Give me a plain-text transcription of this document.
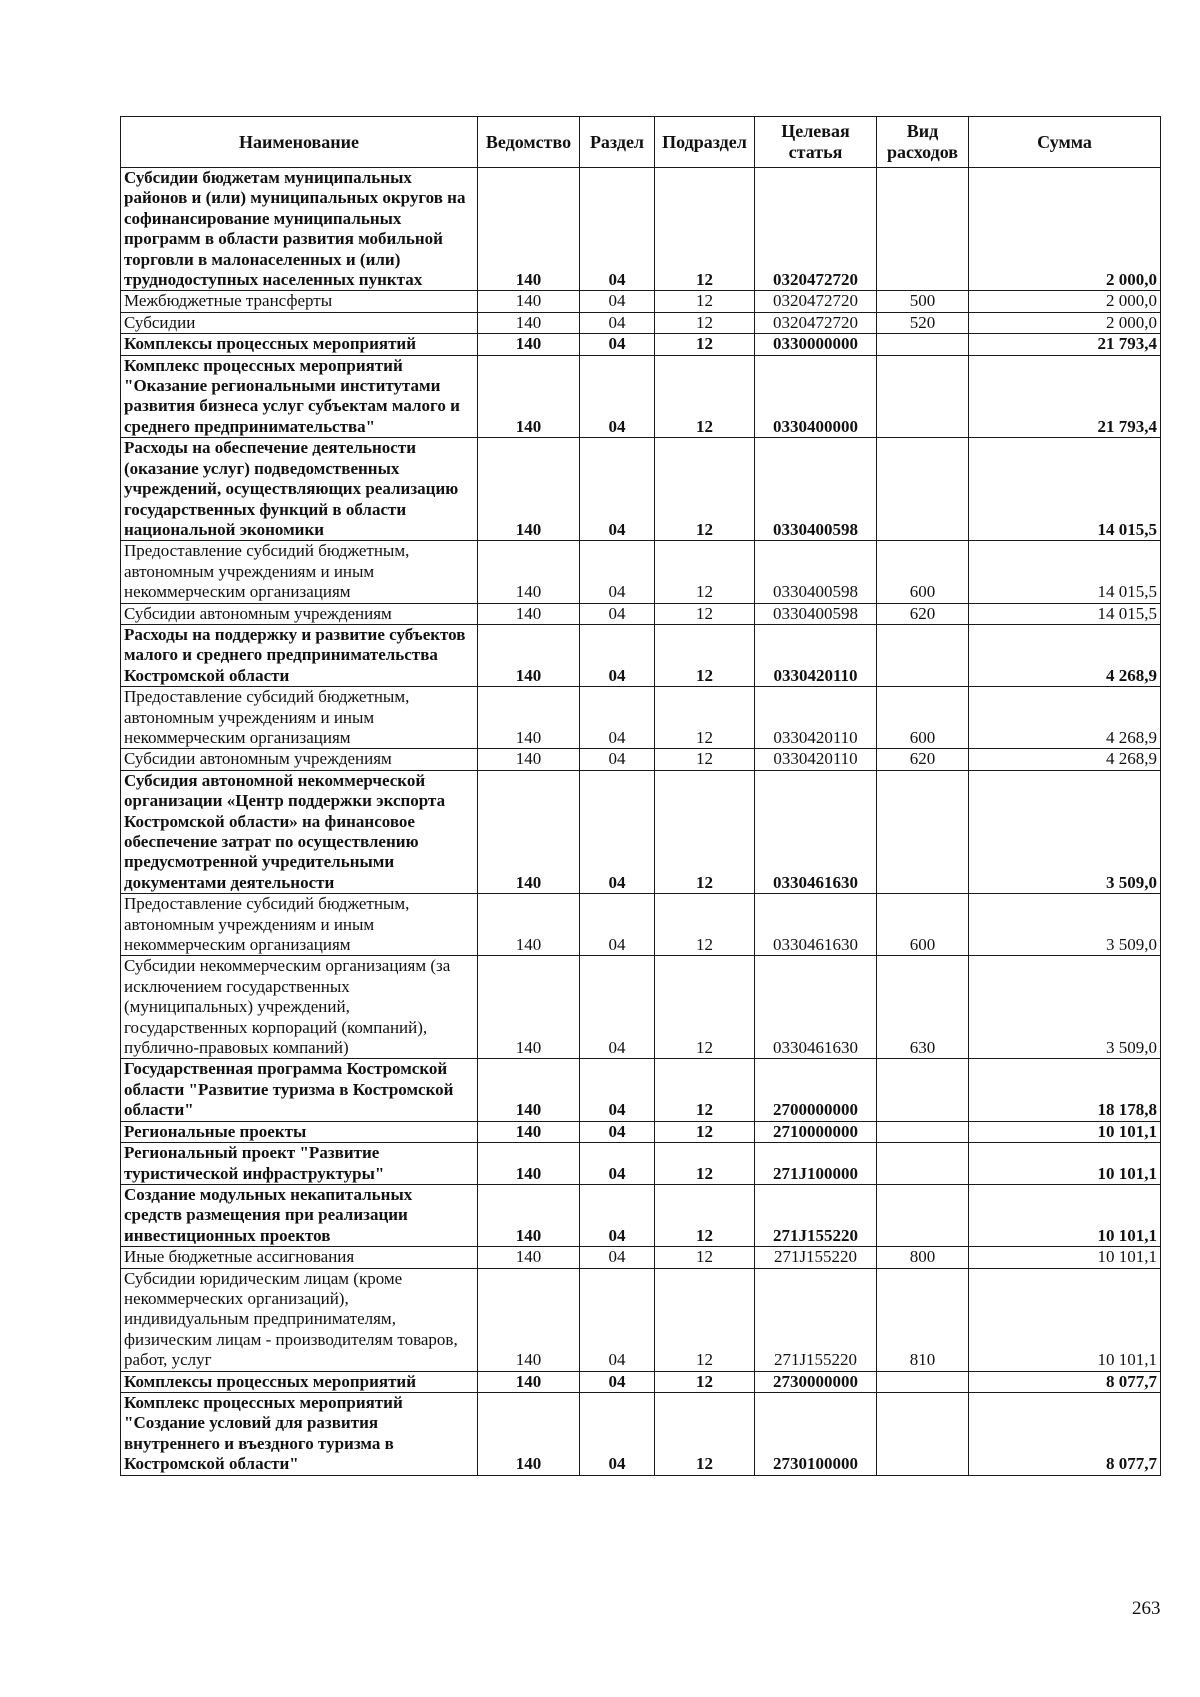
Наименование	Ведомство	Раздел	Подраздел	Целевая статья	Вид расходов	Сумма
Субсидии бюджетам муниципальных районов и (или) муниципальных округов на софинансирование муниципальных программ в области развития мобильной торговли в малонаселенных и (или) труднодоступных населенных пунктах	140	04	12	0320472720		2 000,0
Межбюджетные трансферты	140	04	12	0320472720	500	2 000,0
Субсидии	140	04	12	0320472720	520	2 000,0
Комплексы процессных мероприятий	140	04	12	0330000000		21 793,4
Комплекс процессных мероприятий "Оказание региональными институтами развития бизнеса услуг субъектам малого и среднего предпринимательства"	140	04	12	0330400000		21 793,4
Расходы на обеспечение деятельности (оказание услуг) подведомственных учреждений, осуществляющих реализацию государственных функций в области национальной экономики	140	04	12	0330400598		14 015,5
Предоставление субсидий бюджетным, автономным учреждениям и иным некоммерческим организациям	140	04	12	0330400598	600	14 015,5
Субсидии автономным учреждениям	140	04	12	0330400598	620	14 015,5
Расходы на поддержку и развитие субъектов малого и среднего предпринимательства Костромской области	140	04	12	0330420110		4 268,9
Предоставление субсидий бюджетным, автономным учреждениям и иным некоммерческим организациям	140	04	12	0330420110	600	4 268,9
Субсидии автономным учреждениям	140	04	12	0330420110	620	4 268,9
Субсидия автономной некоммерческой организации «Центр поддержки экспорта Костромской области» на финансовое обеспечение затрат по осуществлению предусмотренной учредительными документами деятельности	140	04	12	0330461630		3 509,0
Предоставление субсидий бюджетным, автономным учреждениям и иным некоммерческим организациям	140	04	12	0330461630	600	3 509,0
Субсидии некоммерческим организациям (за исключением государственных (муниципальных) учреждений, государственных корпораций (компаний), публично-правовых компаний)	140	04	12	0330461630	630	3 509,0
Государственная программа Костромской области "Развитие туризма в Костромской области"	140	04	12	2700000000		18 178,8
Региональные проекты	140	04	12	2710000000		10 101,1
Региональный проект "Развитие туристической инфраструктуры"	140	04	12	271J100000		10 101,1
Создание модульных некапитальных средств размещения при реализации инвестиционных проектов	140	04	12	271J155220		10 101,1
Иные бюджетные ассигнования	140	04	12	271J155220	800	10 101,1
Субсидии юридическим лицам (кроме некоммерческих организаций), индивидуальным предпринимателям, физическим лицам - производителям товаров, работ, услуг	140	04	12	271J155220	810	10 101,1
Комплексы процессных мероприятий	140	04	12	2730000000		8 077,7
Комплекс процессных мероприятий "Создание условий для развития внутреннего и въездного туризма в Костромской области"	140	04	12	2730100000		8 077,7
263
